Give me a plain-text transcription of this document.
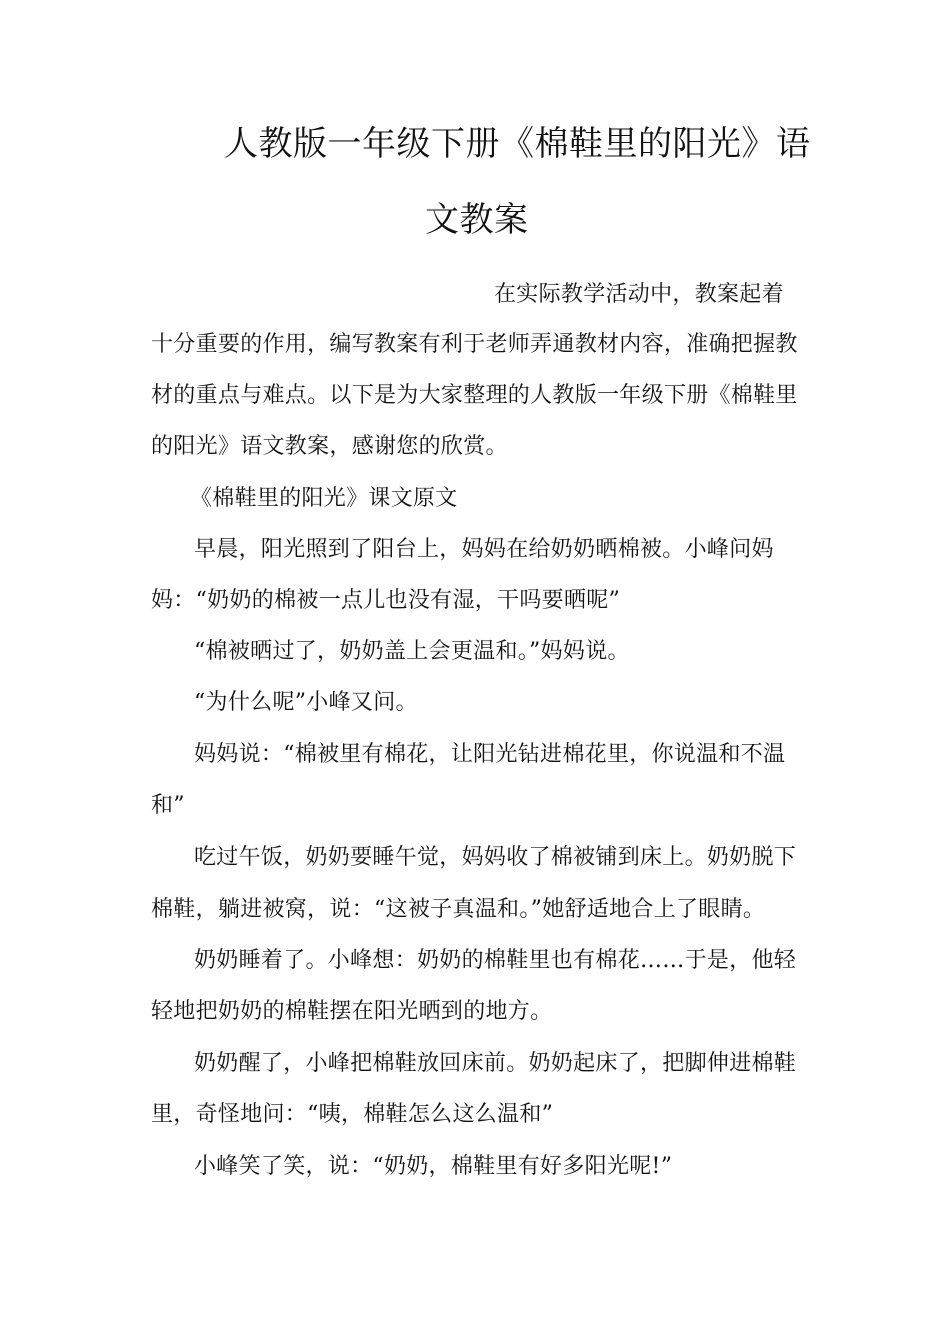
人教版一年级下册《棉鞋里的阳光》语
文教案
在实际教学活动中，教案起着
十分重要的作用，编写教案有利于老师弄通教材内容，准确把握教
材的重点与难点。以下是为大家整理的人教版一年级下册《棉鞋里
的阳光》语文教案，感谢您的欣赏。
《棉鞋里的阳光》课文原文
早晨，阳光照到了阳台上，妈妈在给奶奶晒棉被。小峰问妈
妈：“奶奶的棉被一点儿也没有湿，干吗要晒呢”
“棉被晒过了，奶奶盖上会更温和。”妈妈说。
“为什么呢”小峰又问。
妈妈说：“棉被里有棉花，让阳光钻进棉花里，你说温和不温
和”
吃过午饭，奶奶要睡午觉，妈妈收了棉被铺到床上。奶奶脱下
棉鞋，躺进被窝，说：“这被子真温和。”她舒适地合上了眼睛。
奶奶睡着了。小峰想：奶奶的棉鞋里也有棉花……于是，他轻
轻地把奶奶的棉鞋摆在阳光晒到的地方。
奶奶醒了，小峰把棉鞋放回床前。奶奶起床了，把脚伸进棉鞋
里，奇怪地问：“咦，棉鞋怎么这么温和”
小峰笑了笑，说：“奶奶，棉鞋里有好多阳光呢!”
